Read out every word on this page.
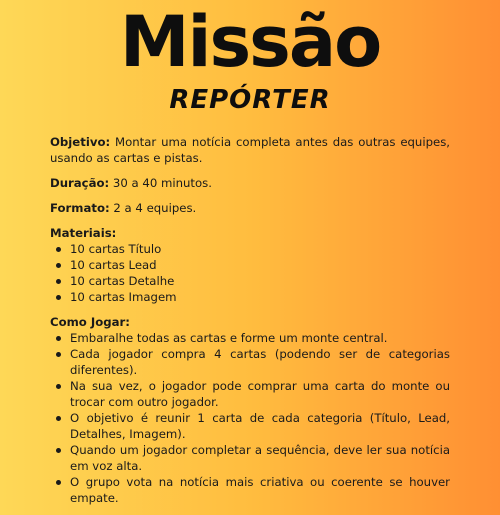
Missão
REPÓRTER

Objetivo: Montar uma notícia completa antes das outras equipes, usando as cartas e pistas.

Duração: 30 a 40 minutos.

Formato: 2 a 4 equipes.

Materiais:

10 cartas Título
10 cartas Lead
10 cartas Detalhe
10 cartas Imagem

Como Jogar:

Embaralhe todas as cartas e forme um monte central.
Cada jogador compra 4 cartas (podendo ser de categorias diferentes).
Na sua vez, o jogador pode comprar uma carta do monte ou trocar com outro jogador.
O objetivo é reunir 1 carta de cada categoria (Título, Lead, Detalhes, Imagem).
Quando um jogador completar a sequência, deve ler sua notícia em voz alta.
O grupo vota na notícia mais criativa ou coerente se houver empate.
